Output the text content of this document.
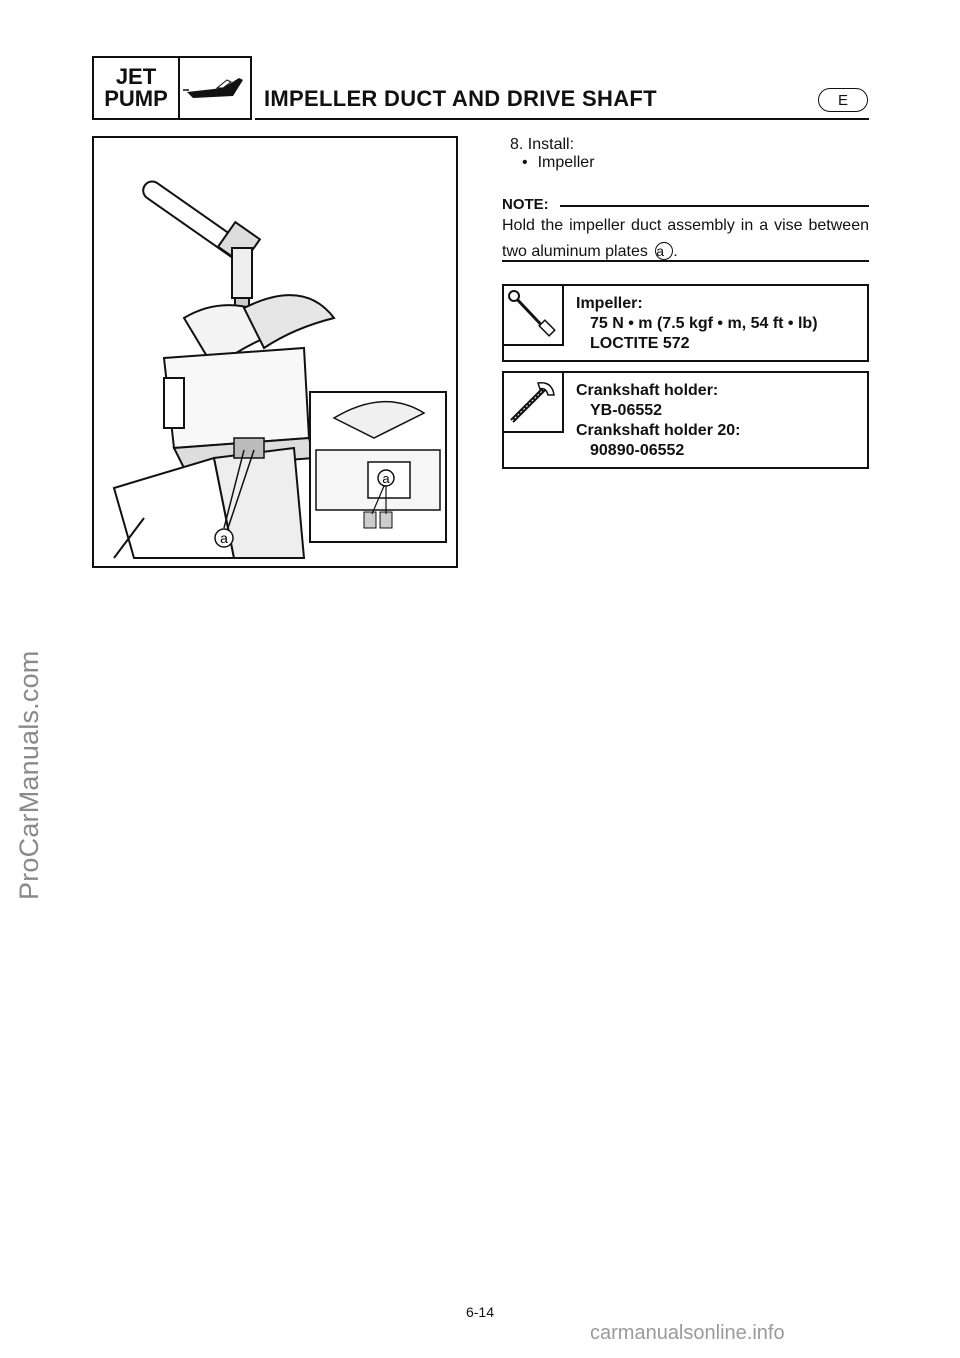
ProCarManuals.com
JET
PUMP	IMPELLER DUCT AND DRIVE SHAFT	E
a
a
8. Install:
• Impeller
NOTE:
Hold the impeller duct assembly in a vise between two aluminum plates a .
Impeller:
75 N • m (7.5 kgf • m, 54 ft • lb)
LOCTITE 572
Crankshaft holder:
YB-06552
Crankshaft holder 20:
90890-06552
6-14
carmanualsonline.info
